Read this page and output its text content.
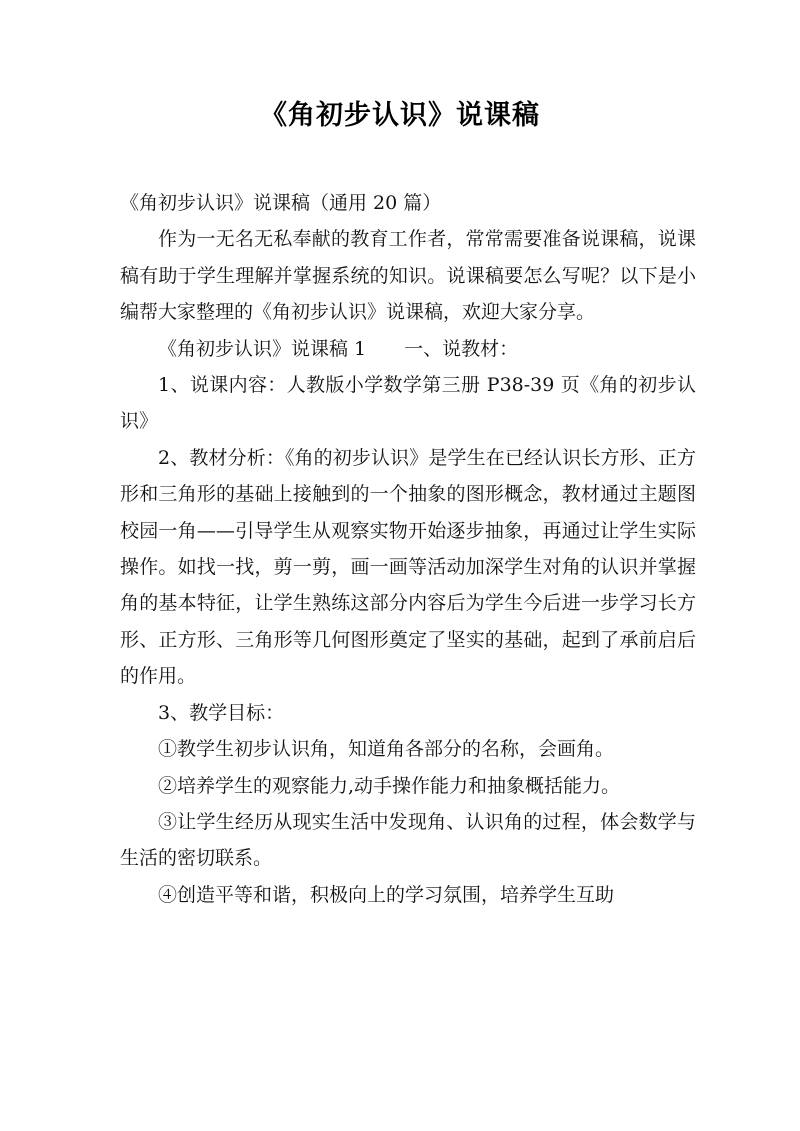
《角初步认识》说课稿

《角初步认识》说课稿（通用 20 篇）

作为一无名无私奉献的教育工作者，常常需要准备说课稿，说课稿有助于学生理解并掌握系统的知识。说课稿要怎么写呢？以下是小编帮大家整理的《角初步认识》说课稿，欢迎大家分享。

《角初步认识》说课稿 1　　一、说教材：

1、说课内容：人教版小学数学第三册 P38-39 页《角的初步认识》

2、教材分析：《角的初步认识》是学生在已经认识长方形、正方形和三角形的基础上接触到的一个抽象的图形概念，教材通过主题图校园一角——引导学生从观察实物开始逐步抽象，再通过让学生实际操作。如找一找，剪一剪，画一画等活动加深学生对角的认识并掌握角的基本特征，让学生熟练这部分内容后为学生今后进一步学习长方形、正方形、三角形等几何图形奠定了坚实的基础，起到了承前启后的作用。

3、教学目标：

①教学生初步认识角，知道角各部分的名称，会画角。

②培养学生的观察能力,动手操作能力和抽象概括能力。

③让学生经历从现实生活中发现角、认识角的过程，体会数学与生活的密切联系。

④创造平等和谐，积极向上的学习氛围，培养学生互助
